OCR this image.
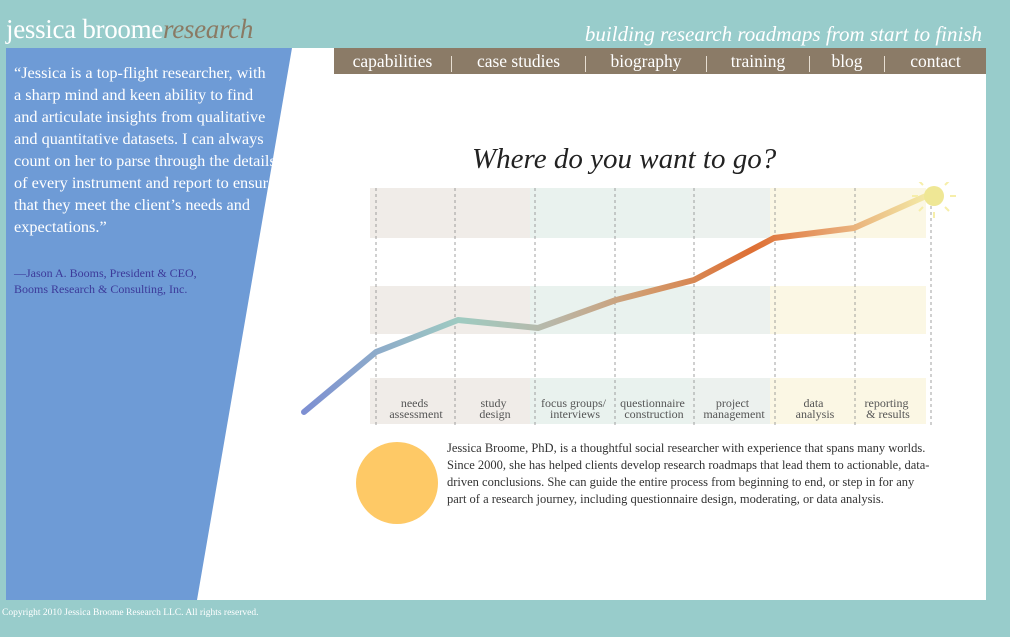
jessica broomeresearch	building research roadmaps from start to finish
“Jessica is a top-flight researcher, with a sharp mind and keen ability to find and articulate insights from qualitative and quantitative datasets. I can always count on her to parse through the details of every instrument and report to ensure that they meet the client’s needs and expectations.”
—Jason A. Booms, President & CEO,
Booms Research & Consulting, Inc.
capabilities	case studies	biography	training	blog	contact
Where do you want to go?
needs assessment
study design
focus groups/ interviews
questionnaire construction
project management
data analysis
reporting & results
Jessica Broome, PhD, is a thoughtful social researcher with experience that spans many worlds. Since 2000, she has helped clients develop research roadmaps that lead them to actionable, data-driven conclusions. She can guide the entire process from beginning to end, or step in for any part of a research journey, including questionnaire design, moderating, or data analysis.
Copyright 2010 Jessica Broome Research LLC. All rights reserved.
